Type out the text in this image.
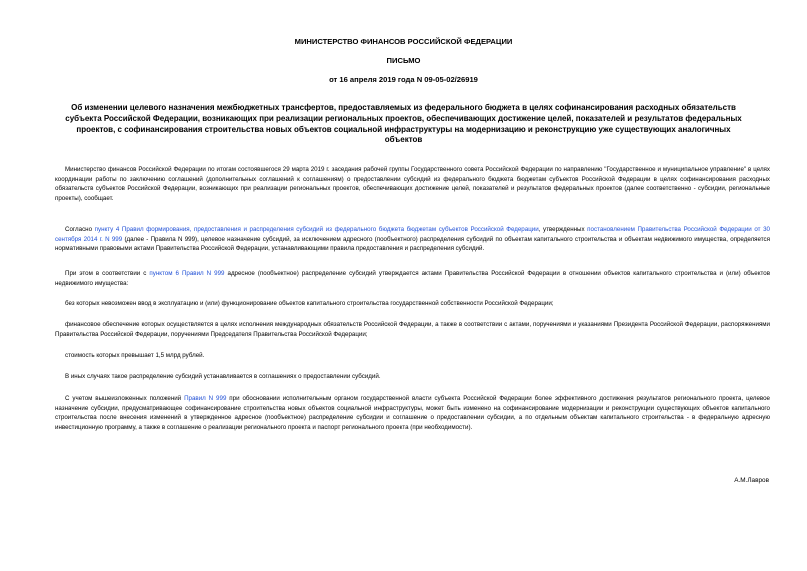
МИНИСТЕРСТВО ФИНАНСОВ РОССИЙСКОЙ ФЕДЕРАЦИИ
ПИСЬМО
от 16 апреля 2019 года N 09-05-02/26919
Об изменении целевого назначения межбюджетных трансфертов, предоставляемых из федерального бюджета в целях софинансирования расходных обязательств субъекта Российской Федерации, возникающих при реализации региональных проектов, обеспечивающих достижение целей, показателей и результатов федеральных проектов, с софинансирования строительства новых объектов социальной инфраструктуры на модернизацию и реконструкцию уже существующих аналогичных объектов
Министерство финансов Российской Федерации по итогам состоявшегося 29 марта 2019 г. заседания рабочей группы Государственного совета Российской Федерации по направлению "Государственное и муниципальное управление" в целях координации работы по заключению соглашений (дополнительных соглашений к соглашениям) о предоставлении субсидий из федерального бюджета бюджетам субъектов Российской Федерации в целях софинансирования расходных обязательств субъектов Российской Федерации, возникающих при реализации региональных проектов, обеспечивающих достижение целей, показателей и результатов федеральных проектов (далее соответственно - субсидии, региональные проекты), сообщает.
Согласно пункту 4 Правил формирования, предоставления и распределения субсидий из федерального бюджета бюджетам субъектов Российской Федерации, утвержденных постановлением Правительства Российской Федерации от 30 сентября 2014 г. N 999 (далее - Правила N 999), целевое назначение субсидий, за исключением адресного (пообъектного) распределения субсидий по объектам капитального строительства и объектам недвижимого имущества, определяется нормативными правовыми актами Правительства Российской Федерации, устанавливающими правила предоставления и распределения субсидий.
При этом в соответствии с пунктом 6 Правил N 999 адресное (пообъектное) распределение субсидий утверждается актами Правительства Российской Федерации в отношении объектов капитального строительства и (или) объектов недвижимого имущества:
без которых невозможен ввод в эксплуатацию и (или) функционирование объектов капитального строительства государственной собственности Российской Федерации;
финансовое обеспечение которых осуществляется в целях исполнения международных обязательств Российской Федерации, а также в соответствии с актами, поручениями и указаниями Президента Российской Федерации, распоряжениями Правительства Российской Федерации, поручениями Председателя Правительства Российской Федерации;
стоимость которых превышает 1,5 млрд рублей.
В иных случаях такое распределение субсидий устанавливается в соглашениях о предоставлении субсидий.
С учетом вышеизложенных положений Правил N 999 при обосновании исполнительным органом государственной власти субъекта Российской Федерации более эффективного достижения результатов регионального проекта, целевое назначение субсидии, предусматривающее софинансирование строительства новых объектов социальной инфраструктуры, может быть изменено на софинансирование модернизации и реконструкции существующих объектов капитального строительства после внесения изменений в утвержденное адресное (пообъектное) распределение субсидии и соглашение о предоставлении субсидии, а по отдельным объектам капитального строительства - в федеральную адресную инвестиционную программу, а также в соглашение о реализации регионального проекта и паспорт регионального проекта (при необходимости).
А.М.Лавров
